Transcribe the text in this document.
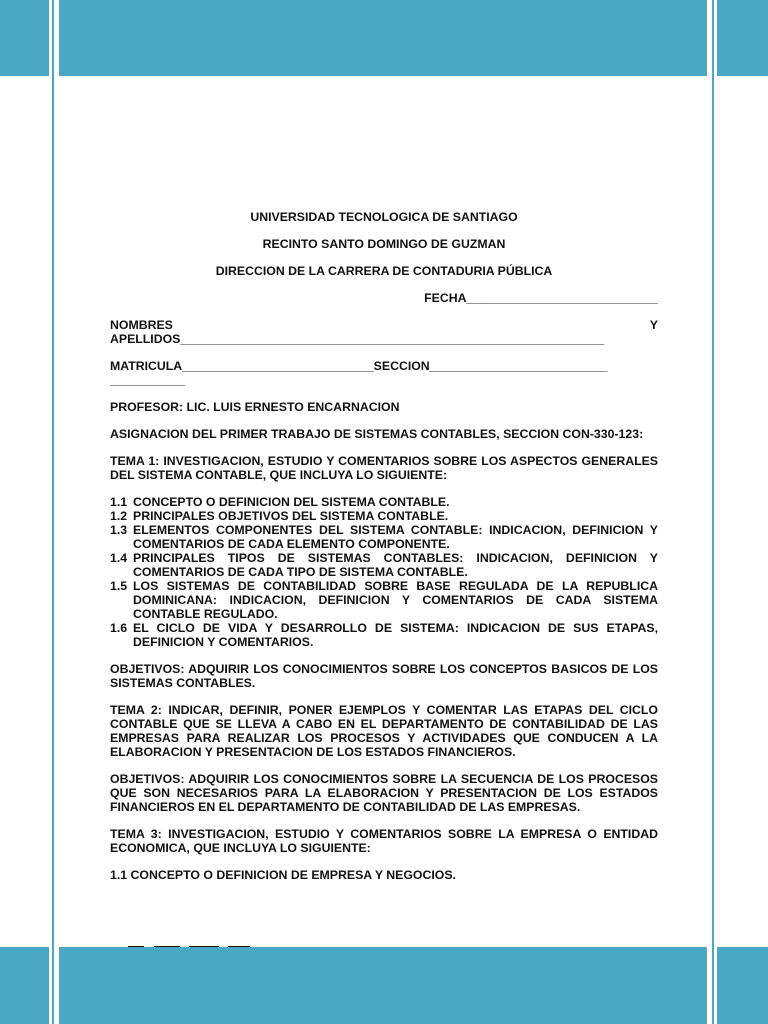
UNIVERSIDAD TECNOLOGICA DE SANTIAGO
RECINTO SANTO DOMINGO DE GUZMAN
DIRECCION DE LA CARRERA DE CONTADURIA PÚBLICA
FECHA____________________________
NOMBRES Y
APELLIDOS______________________________________________________________
MATRICULA____________________________SECCION__________________________
___________
PROFESOR: LIC. LUIS ERNESTO ENCARNACION
ASIGNACION DEL PRIMER TRABAJO DE SISTEMAS CONTABLES, SECCION CON-330-123:
TEMA 1: INVESTIGACION, ESTUDIO Y COMENTARIOS SOBRE LOS ASPECTOS GENERALES DEL SISTEMA CONTABLE, QUE INCLUYA LO SIGUIENTE:
1.1 CONCEPTO O DEFINICION DEL SISTEMA CONTABLE.
1.2 PRINCIPALES OBJETIVOS DEL SISTEMA CONTABLE.
1.3 ELEMENTOS COMPONENTES DEL SISTEMA CONTABLE: INDICACION, DEFINICION Y COMENTARIOS DE CADA ELEMENTO COMPONENTE.
1.4 PRINCIPALES TIPOS DE SISTEMAS CONTABLES: INDICACION, DEFINICION Y COMENTARIOS DE CADA TIPO DE SISTEMA CONTABLE.
1.5 LOS SISTEMAS DE CONTABILIDAD SOBRE BASE REGULADA DE LA REPUBLICA DOMINICANA: INDICACION, DEFINICION Y COMENTARIOS DE CADA SISTEMA CONTABLE REGULADO.
1.6 EL CICLO DE VIDA Y DESARROLLO DE SISTEMA: INDICACION DE SUS ETAPAS, DEFINICION Y COMENTARIOS.
OBJETIVOS: ADQUIRIR LOS CONOCIMIENTOS SOBRE LOS CONCEPTOS BASICOS DE LOS SISTEMAS CONTABLES.
TEMA 2: INDICAR, DEFINIR, PONER EJEMPLOS Y COMENTAR LAS ETAPAS DEL CICLO CONTABLE QUE SE LLEVA A CABO EN EL DEPARTAMENTO DE CONTABILIDAD DE LAS EMPRESAS PARA REALIZAR LOS PROCESOS Y ACTIVIDADES QUE CONDUCEN A LA ELABORACION Y PRESENTACION DE LOS ESTADOS FINANCIEROS.
OBJETIVOS: ADQUIRIR LOS CONOCIMIENTOS SOBRE LA SECUENCIA DE LOS PROCESOS QUE SON NECESARIOS PARA LA ELABORACION Y PRESENTACION DE LOS ESTADOS FINANCIEROS EN EL DEPARTAMENTO DE CONTABILIDAD DE LAS EMPRESAS.
TEMA 3: INVESTIGACION, ESTUDIO Y COMENTARIOS SOBRE LA EMPRESA O ENTIDAD ECONOMICA, QUE INCLUYA LO SIGUIENTE:
1.1 CONCEPTO O DEFINICION DE EMPRESA Y NEGOCIOS.
